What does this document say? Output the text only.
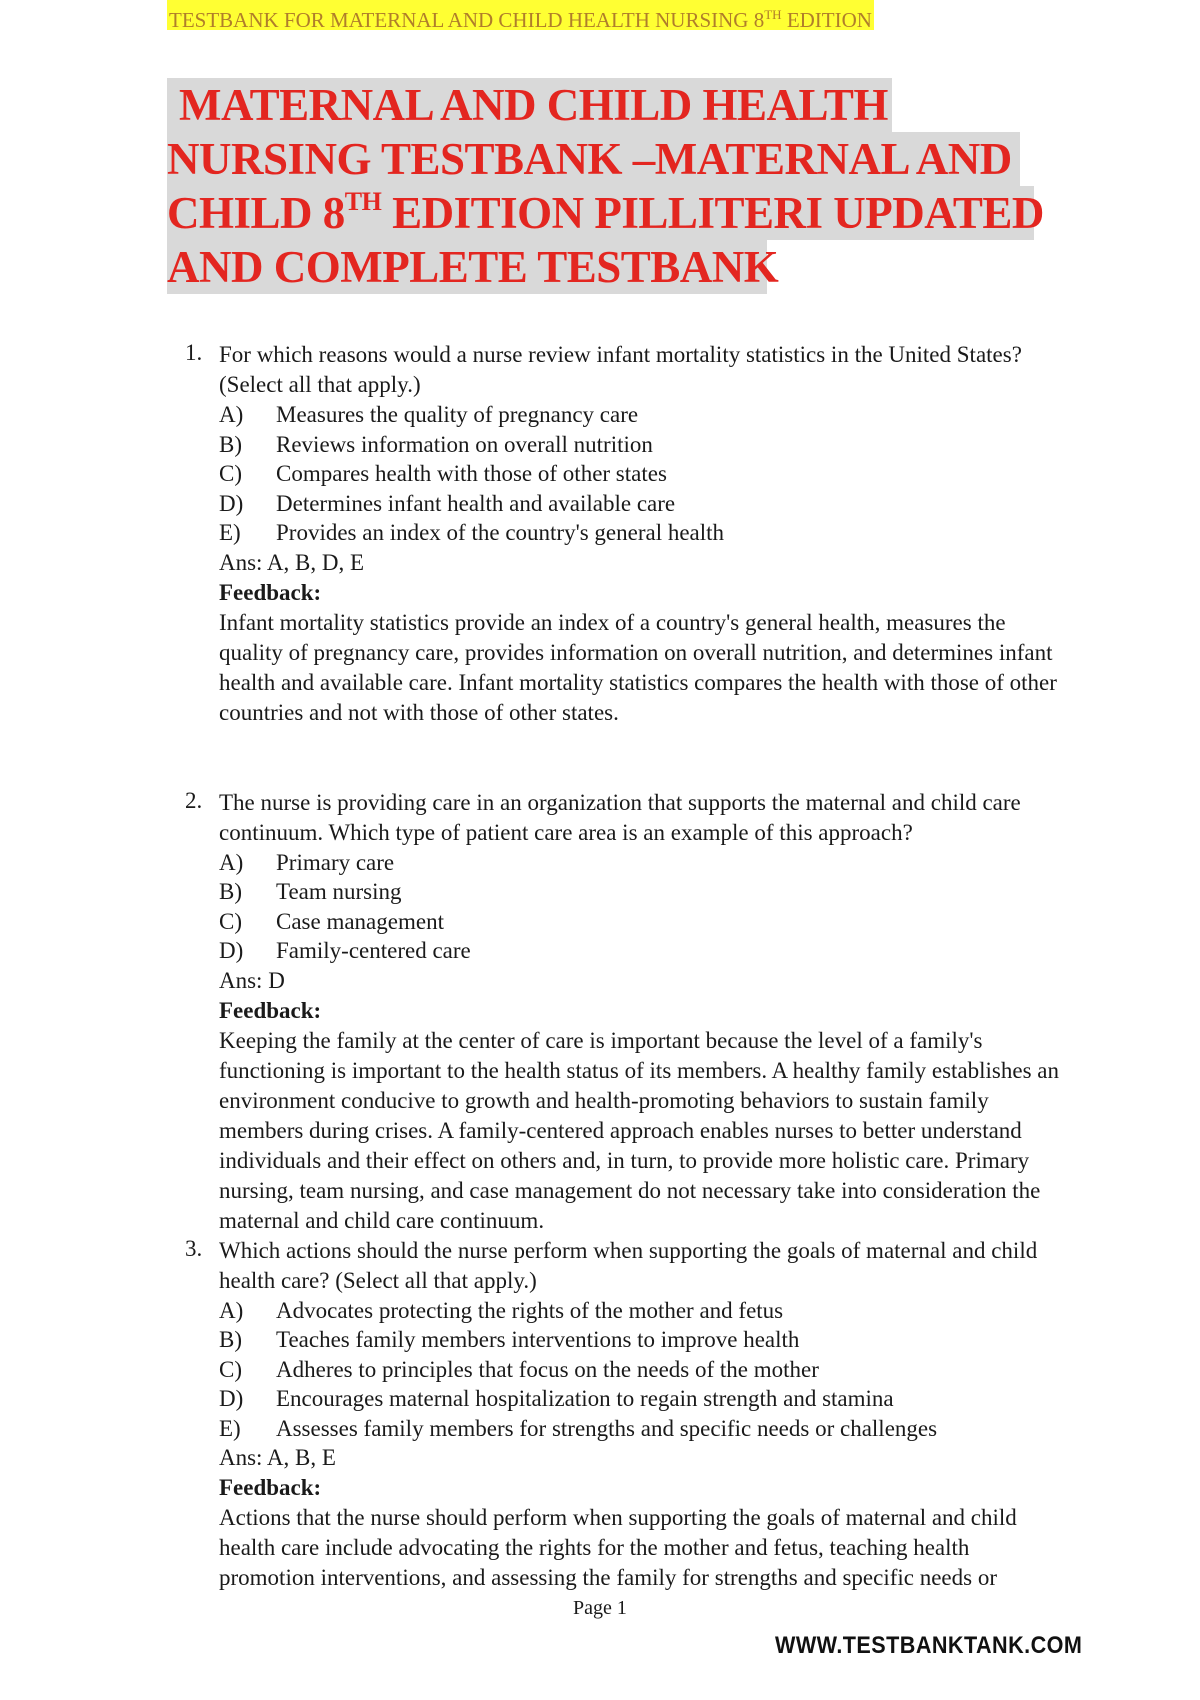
TESTBANK FOR MATERNAL AND CHILD HEALTH NURSING 8TH EDITION
MATERNAL AND CHILD HEALTH
NURSING TESTBANK –MATERNAL AND
CHILD 8TH EDITION PILLITERI UPDATED
AND COMPLETE TESTBANK
1. For which reasons would a nurse review infant mortality statistics in the United States? (Select all that apply.)
A)	Measures the quality of pregnancy care
B)	Reviews information on overall nutrition
C)	Compares health with those of other states
D)	Determines infant health and available care
E)	Provides an index of the country's general health
Ans: A, B, D, E
Feedback:
Infant mortality statistics provide an index of a country's general health, measures the quality of pregnancy care, provides information on overall nutrition, and determines infant health and available care. Infant mortality statistics compares the health with those of other countries and not with those of other states.
2. The nurse is providing care in an organization that supports the maternal and child care continuum. Which type of patient care area is an example of this approach?
A)	Primary care
B)	Team nursing
C)	Case management
D)	Family-centered care
Ans: D
Feedback:
Keeping the family at the center of care is important because the level of a family's functioning is important to the health status of its members. A healthy family establishes an environment conducive to growth and health-promoting behaviors to sustain family members during crises. A family-centered approach enables nurses to better understand individuals and their effect on others and, in turn, to provide more holistic care. Primary nursing, team nursing, and case management do not necessary take into consideration the maternal and child care continuum.
3. Which actions should the nurse perform when supporting the goals of maternal and child health care? (Select all that apply.)
A)	Advocates protecting the rights of the mother and fetus
B)	Teaches family members interventions to improve health
C)	Adheres to principles that focus on the needs of the mother
D)	Encourages maternal hospitalization to regain strength and stamina
E)	Assesses family members for strengths and specific needs or challenges
Ans: A, B, E
Feedback:
Actions that the nurse should perform when supporting the goals of maternal and child health care include advocating the rights for the mother and fetus, teaching health promotion interventions, and assessing the family for strengths and specific needs or
Page 1
WWW.TESTBANKTANK.COM
